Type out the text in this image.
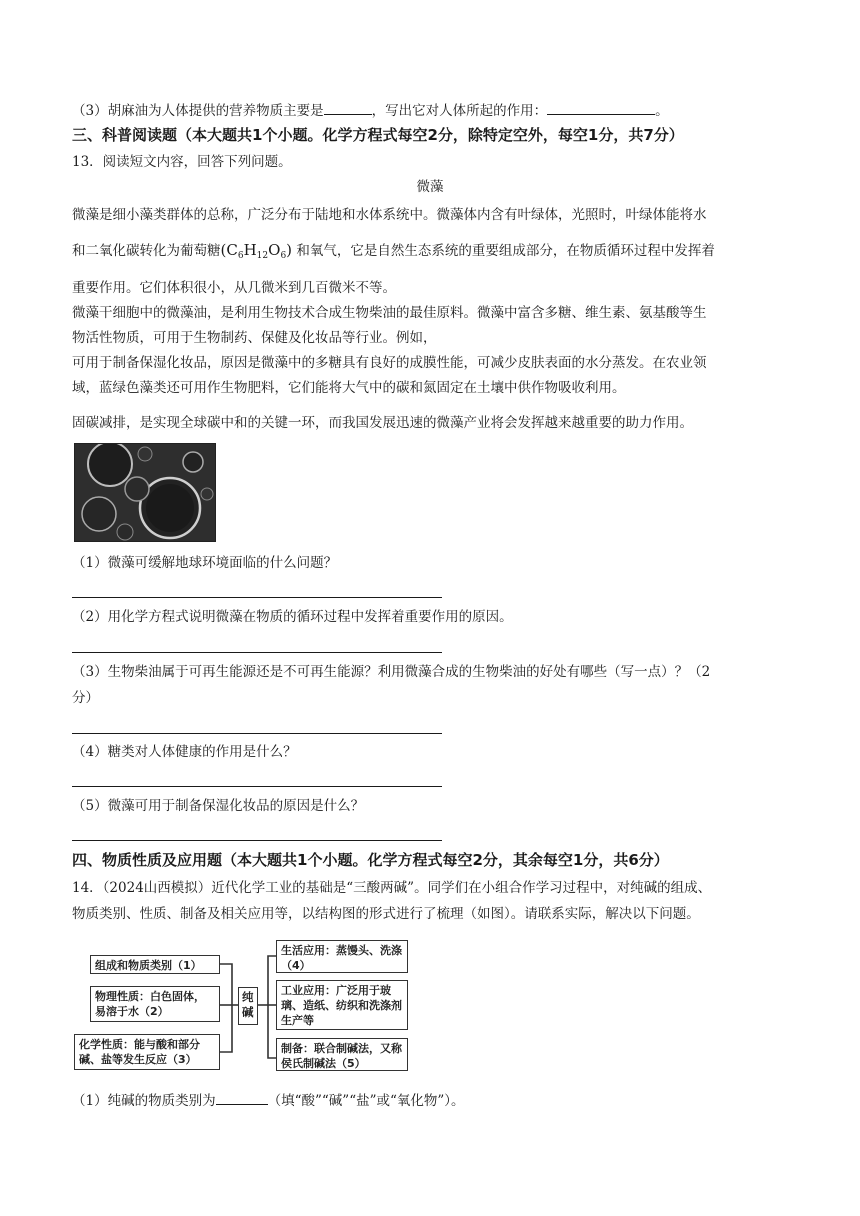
（3）胡麻油为人体提供的营养物质主要是	，写出它对人体所起的作用：	。
三、科普阅读题（本大题共1个小题。化学方程式每空2分，除特定空外，每空1分，共7分）
13．阅读短文内容，回答下列问题。
微藻
微藻是细小藻类群体的总称，广泛分布于陆地和水体系统中。微藻体内含有叶绿体，光照时，叶绿体能将水
和二氧化碳转化为葡萄糖$(C_6H_{12}O_6)$ 和氧气，它是自然生态系统的重要组成部分，在物质循环过程中发挥着
重要作用。它们体积很小，从几微米到几百微米不等。
微藻干细胞中的微藻油，是利用生物技术合成生物柴油的最佳原料。微藻中富含多糖、维生素、氨基酸等生
物活性物质，可用于生物制药、保健及化妆品等行业。例如，
可用于制备保湿化妆品，原因是微藻中的多糖具有良好的成膜性能，可减少皮肤表面的水分蒸发。在农业领
域，蓝绿色藻类还可用作生物肥料，它们能将大气中的碳和氮固定在土壤中供作物吸收利用。
固碳减排，是实现全球碳中和的关键一环，而我国发展迅速的微藻产业将会发挥越来越重要的助力作用。
（1）微藻可缓解地球环境面临的什么问题？
（2）用化学方程式说明微藻在物质的循环过程中发挥着重要作用的原因。
（3）生物柴油属于可再生能源还是不可再生能源？利用微藻合成的生物柴油的好处有哪些（写一点）？（2
分）
（4）糖类对人体健康的作用是什么？
（5）微藻可用于制备保湿化妆品的原因是什么？
四、物质性质及应用题（本大题共1个小题。化学方程式每空2分，其余每空1分，共6分）
14．（2024山西模拟）近代化学工业的基础是“三酸两碱”。同学们在小组合作学习过程中，对纯碱的组成、
物质类别、性质、制备及相关应用等，以结构图的形式进行了梳理（如图）。请联系实际，解决以下问题。
组成和物质类别（1）
物理性质：白色固体，易溶于水（2）
化学性质：能与酸和部分碱、盐等发生反应（3）
纯碱
生活应用：蒸馒头、洗涤（4）
工业应用：广泛用于玻璃、造纸、纺织和洗涤剂生产等
制备：联合制碱法，又称侯氏制碱法（5）
（1）纯碱的物质类别为	（填“酸”“碱”“盐”或“氧化物”）。
